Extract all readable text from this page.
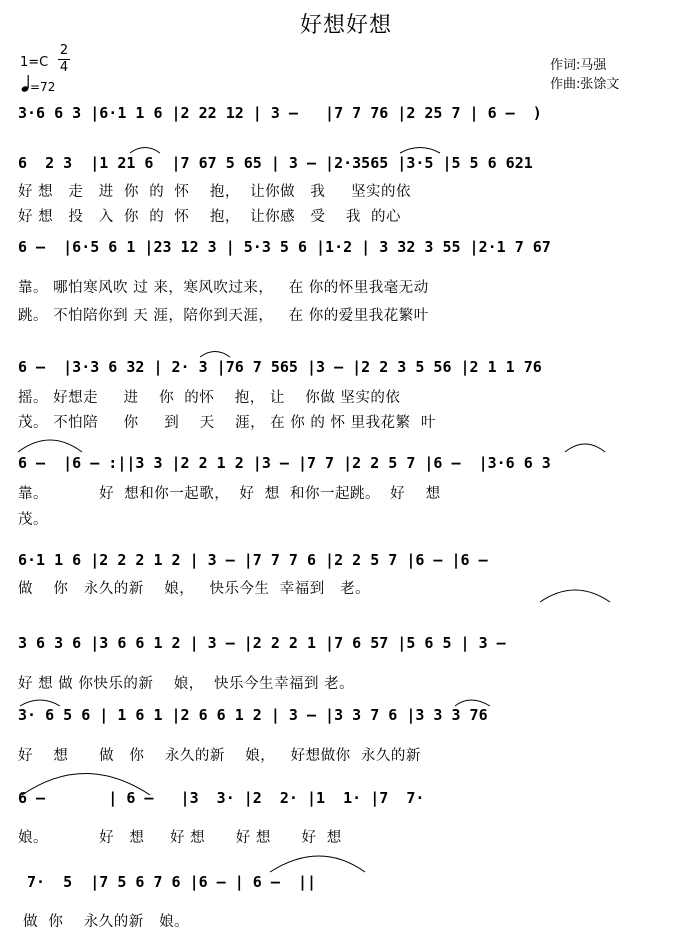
好想好想
1=C
2
4
=72
作词:马强
作曲:张馀文
3·6 6 3 |6·1 1 6 |2 22 12 | 3 –   |7 7 76 |2 25 7 | 6 –  )
6  2 3  |1 21 6  |7 67 5 65 | 3 – |2·3565 |3·5 |5 5 6 621
好 想   走   进  你  的  怀    抱，  让你做   我     坚实的依
好 想   投   入  你  的  怀    抱，  让你感   受    我  的心
6 –  |6·5 6 1 |23 12 3 | 5·3 5 6 |1·2 | 3 32 3 55 |2·1 7 67
靠。 哪怕寒风吹 过 来，寒风吹过来，   在 你的怀里我毫无动
跳。 不怕陪你到 天 涯，陪你到天涯，   在 你的爱里我花繁叶
6 –  |3·3 6 32 | 2· 3 |76 7 565 |3 – |2 2 3 5 56 |2 1 1 76
摇。 好想走     进    你  的怀    抱， 让    你做 坚实的依
茂。 不怕陪     你     到    天    涯， 在 你 的 怀 里我花繁  叶
6 –  |6 – :||3 3 |2 2 1 2 |3 – |7 7 |2 2 5 7 |6 –  |3·6 6 3
靠。          好  想和你一起歌，  好  想  和你一起跳。  好    想
茂。
6·1 1 6 |2 2 2 1 2 | 3 – |7 7 7 6 |2 2 5 7 |6 – |6 –
做    你   永久的新    娘，   快乐今生  幸福到   老。
3 6 3 6 |3 6 6 1 2 | 3 – |2 2 2 1 |7 6 57 |5 6 5 | 3 –
好 想 做 你快乐的新    娘，  快乐今生幸福到 老。
3· 6 5 6 | 1 6 1 |2 6 6 1 2 | 3 – |3 3 7 6 |3 3 3 76
好    想      做   你    永久的新    娘，   好想做你  永久的新
6 –       | 6 –   |3  3· |2  2· |1  1· |7  7·
娘。          好   想     好 想      好 想      好  想
7·  5  |7 5 6 7 6 |6 – | 6 –  ||
做  你    永久的新   娘。
